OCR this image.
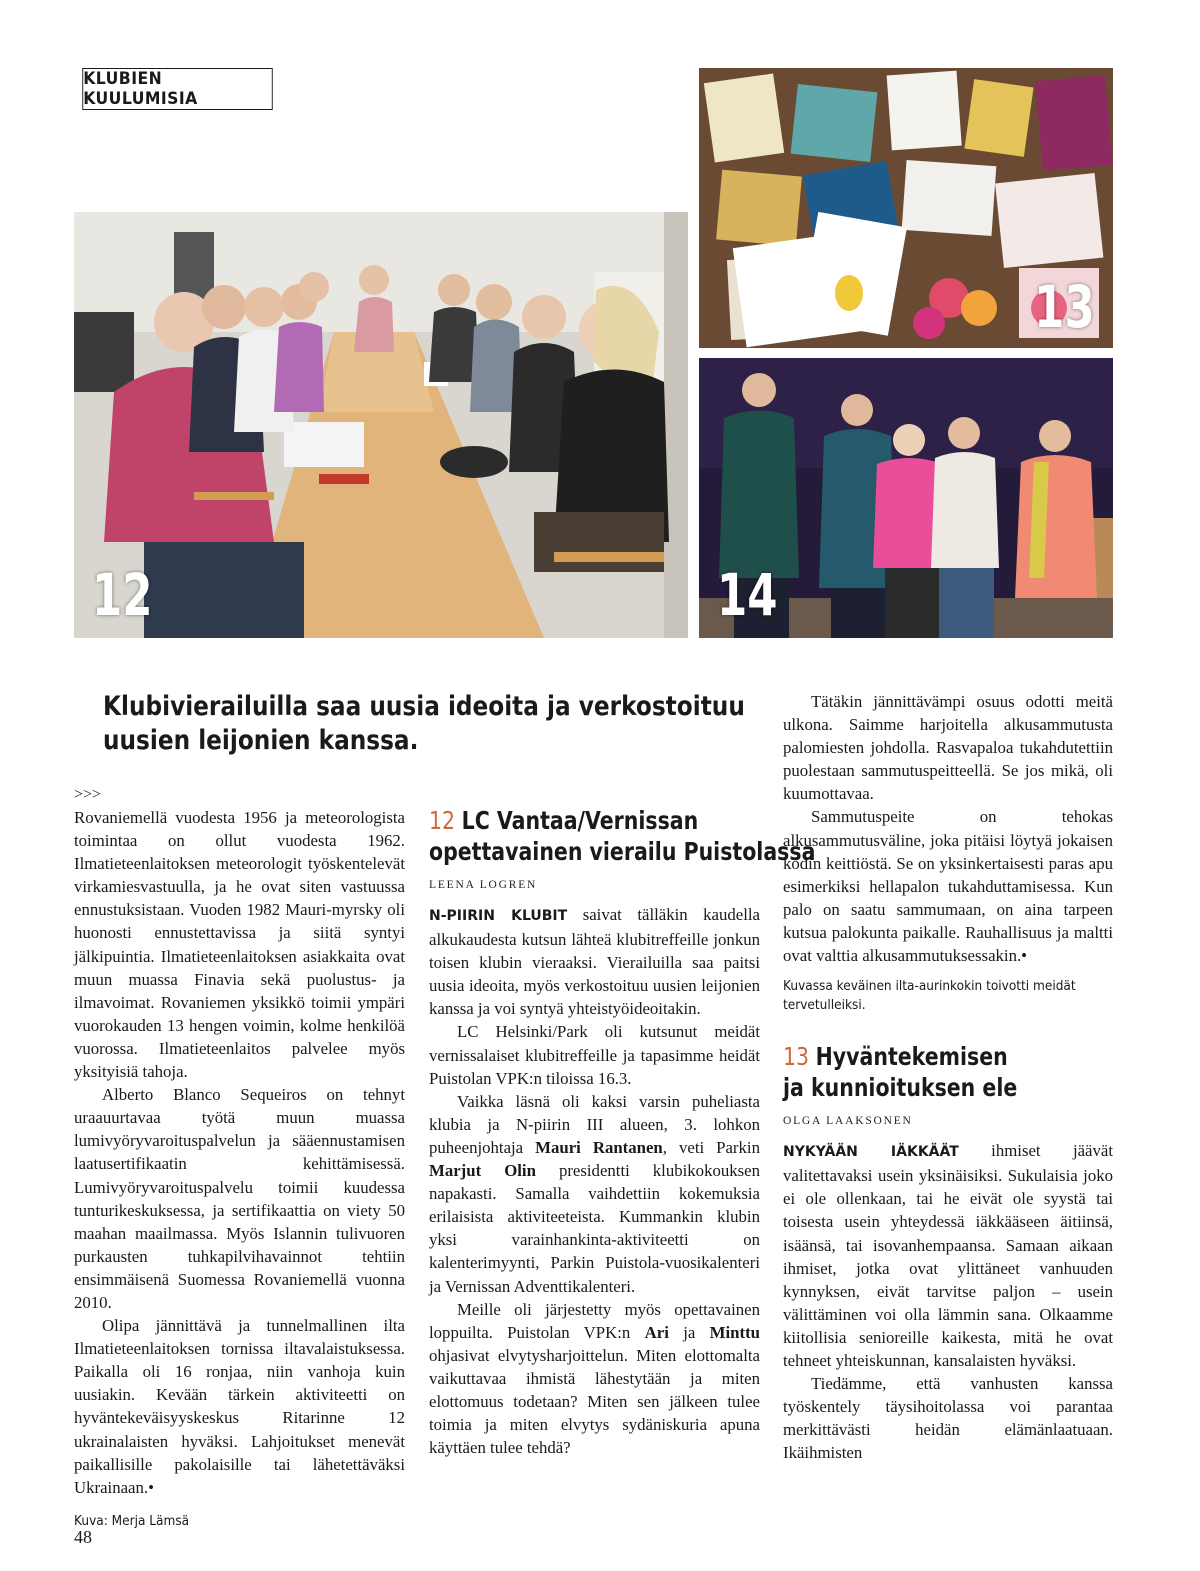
KLUBIEN KUULUMISIA
12
13
14
Klubivierailuilla saa uusia ideoita ja verkostoituu
uusien leijonien kanssa.
>>>

Rovaniemellä vuodesta 1956 ja meteorologista toimintaa on ollut vuodesta 1962. Ilmatieteenlaitoksen meteorologit työskentelevät virkamiesvastuulla, ja he ovat siten vastuussa ennustuksistaan. Vuoden 1982 Mauri-myrsky oli huonosti ennustettavissa ja siitä syntyi jälkipuintia. Ilmatieteenlaitoksen asiakkaita ovat muun muassa Finavia sekä puolustus- ja ilmavoimat. Rovaniemen yksikkö toimii ympäri vuorokauden 13 hengen voimin, kolme henkilöä vuorossa. Ilmatieteenlaitos palvelee myös yksityisiä tahoja.

Alberto Blanco Sequeiros on tehnyt uraauurtavaa työtä muun muassa lumivyöryvaroituspalvelun ja sääennustamisen laatusertifikaatin kehittämisessä. Lumivyöryvaroituspalvelu toimii kuudessa tunturikeskuksessa, ja sertifikaattia on viety 50 maahan maailmassa. Myös Islannin tulivuoren purkausten tuhkapilvihavainnot tehtiin ensimmäisenä Suomessa Rovaniemellä vuonna 2010.

Olipa jännittävä ja tunnelmallinen ilta Ilmatieteenlaitoksen tornissa iltavalaistuksessa. Paikalla oli 16 ronjaa, niin vanhoja kuin uusiakin. Kevään tärkein aktiviteetti on hyväntekeväisyyskeskus Ritarinne 12 ukrainalaisten hyväksi. Lahjoitukset menevät paikallisille pakolaisille tai lähetettäväksi Ukrainaan.•

Kuva: Merja Lämsä
12 LC Vantaa/Vernissan
opettavainen vierailu Puistolassa
LEENA LOGREN

N-PIIRIN KLUBIT saivat tälläkin kaudella alkukaudesta kutsun lähteä klubitreffeille jonkun toisen klubin vieraaksi. Vierailuilla saa paitsi uusia ideoita, myös verkostoituu uusien leijonien kanssa ja voi syntyä yhteistyöideoitakin.

LC Helsinki/Park oli kutsunut meidät vernissalaiset klubitreffeille ja tapasimme heidät Puistolan VPK:n tiloissa 16.3.

Vaikka läsnä oli kaksi varsin puheliasta klubia ja N-piirin III alueen, 3. lohkon puheenjohtaja Mauri Rantanen, veti Parkin Marjut Olin presidentti klubikokouksen napakasti. Samalla vaihdettiin kokemuksia erilaisista aktiviteeteista. Kummankin klubin yksi varainhankinta-aktiviteetti on kalenterimyynti, Parkin Puistola-vuosikalenteri ja Vernissan Adventtikalenteri.

Meille oli järjestetty myös opettavainen loppuilta. Puistolan VPK:n Ari ja Minttu ohjasivat elvytysharjoittelun. Miten elottomalta vaikuttavaa ihmistä lähestytään ja miten elottomuus todetaan? Miten sen jälkeen tulee toimia ja miten elvytys sydäniskuria apuna käyttäen tulee tehdä?

Tätäkin jännittävämpi osuus odotti meitä ulkona. Saimme harjoitella alkusammutusta palomiesten johdolla. Rasvapaloa tukahdutettiin puolestaan sammutuspeitteellä. Se jos mikä, oli kuumottavaa.

Sammutuspeite on tehokas alkusammutusväline, joka pitäisi löytyä jokaisen kodin keittiöstä. Se on yksinkertaisesti paras apu esimerkiksi hellapalon tukahduttamisessa. Kun palo on saatu sammumaan, on aina tarpeen kutsua palokunta paikalle. Rauhallisuus ja maltti ovat valttia alkusammutuksessakin.•

Kuvassa keväinen ilta-aurinkokin toivotti meidät tervetulleiksi.
13 Hyväntekemisen
ja kunnioituksen ele
OLGA LAAKSONEN

NYKYÄÄN IÄKKÄÄT ihmiset jäävät valitettavaksi usein yksinäisiksi. Sukulaisia joko ei ole ollenkaan, tai he eivät ole syystä tai toisesta usein yhteydessä iäkkääseen äitiinsä, isäänsä, tai isovanhempaansa. Samaan aikaan ihmiset, jotka ovat ylittäneet vanhuuden kynnyksen, eivät tarvitse paljon – usein välittäminen voi olla lämmin sana. Olkaamme kiitollisia senioreille kaikesta, mitä he ovat tehneet yhteiskunnan, kansalaisten hyväksi.

Tiedämme, että vanhusten kanssa työskentely täysihoitolassa voi parantaa merkittävästi heidän elämänlaatuaan. Ikäihmisten

48
